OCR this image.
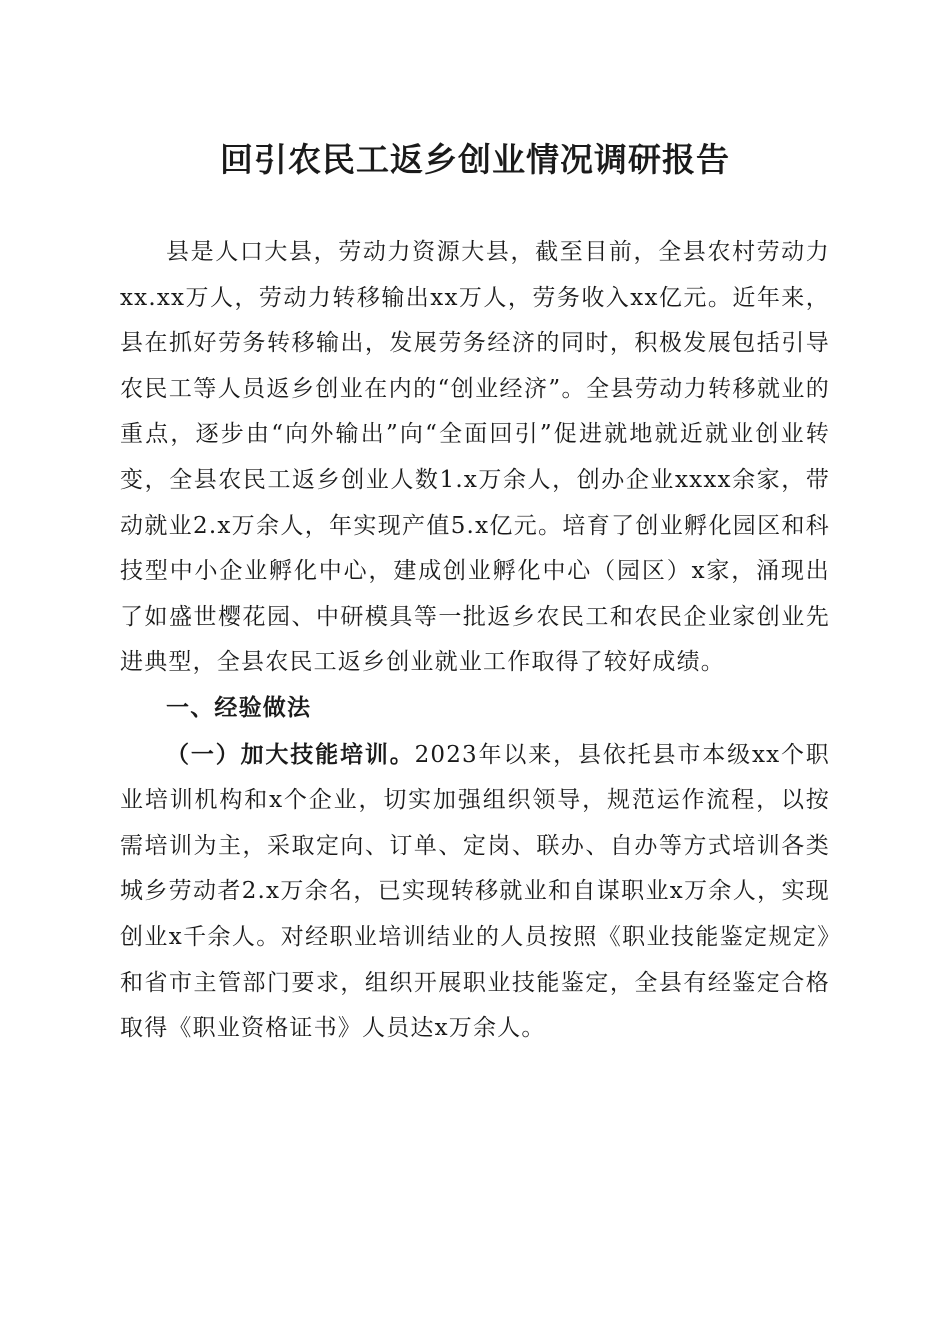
回引农民工返乡创业情况调研报告

县是人口大县，劳动力资源大县，截至目前，全县农村劳动力xx.xx万人，劳动力转移输出xx万人，劳务收入xx亿元。近年来，县在抓好劳务转移输出，发展劳务经济的同时，积极发展包括引导农民工等人员返乡创业在内的“创业经济”。全县劳动力转移就业的重点，逐步由“向外输出”向“全面回引”促进就地就近就业创业转变，全县农民工返乡创业人数1.x万余人，创办企业xxxx余家，带动就业2.x万余人，年实现产值5.x亿元。培育了创业孵化园区和科技型中小企业孵化中心，建成创业孵化中心（园区）x家，涌现出了如盛世樱花园、中研模具等一批返乡农民工和农民企业家创业先进典型，全县农民工返乡创业就业工作取得了较好成绩。

一、经验做法

（一）加大技能培训。2023年以来，县依托县市本级xx个职业培训机构和x个企业，切实加强组织领导，规范运作流程，以按需培训为主，采取定向、订单、定岗、联办、自办等方式培训各类城乡劳动者2.x万余名，已实现转移就业和自谋职业x万余人，实现创业x千余人。对经职业培训结业的人员按照《职业技能鉴定规定》和省市主管部门要求，组织开展职业技能鉴定，全县有经鉴定合格取得《职业资格证书》人员达x万余人。
